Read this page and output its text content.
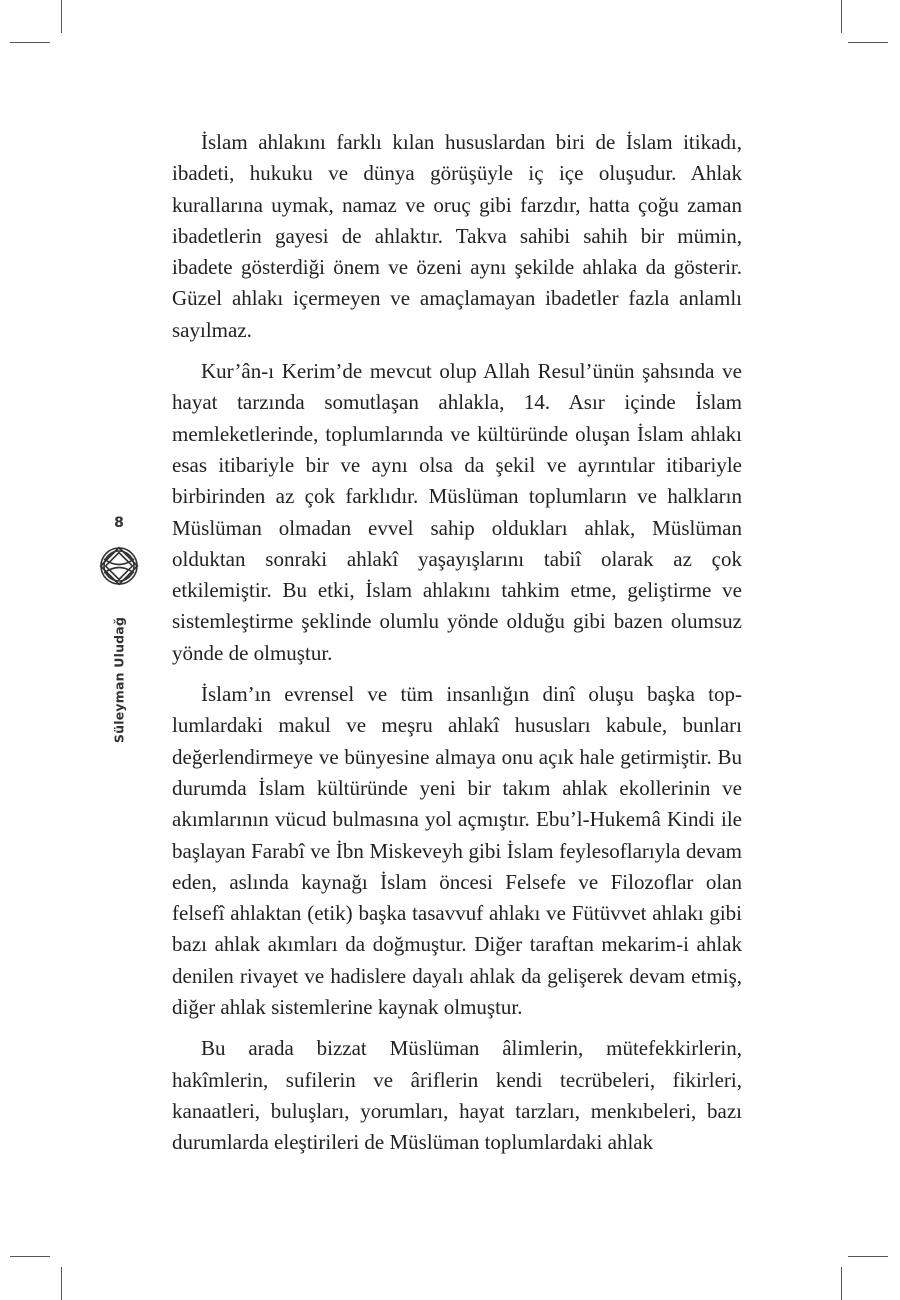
8
Süleyman Uludağ

İslam ahlakını farklı kılan hususlardan biri de İslam itikadı, ibadeti, hukuku ve dünya görüşüyle iç içe oluşudur. Ahlak kurallarına uymak, namaz ve oruç gibi farzdır, hatta çoğu zaman ibadetlerin gayesi de ahlaktır. Takva sahibi sahih bir mümin, ibadete gösterdiği önem ve özeni aynı şekilde ahlaka da gösterir. Güzel ahlakı içermeyen ve amaçlamayan ibadetler fazla anlamlı sayılmaz.

Kur’ân-ı Kerim’de mevcut olup Allah Resul’ünün şahsında ve hayat tarzında somutlaşan ahlakla, 14. Asır içinde İslam memleketlerinde, toplumlarında ve kültüründe oluşan İslam ahlakı esas itibariyle bir ve aynı olsa da şekil ve ayrıntılar itibariyle birbirinden az çok farklıdır. Müslüman toplumların ve halkların Müslüman olmadan evvel sahip oldukları ahlak, Müslüman olduktan sonraki ahlakî yaşayışlarını tabiî olarak az çok etkilemiştir. Bu etki, İslam ahlakını tahkim etme, geliştirme ve sistemleştirme şeklinde olumlu yönde olduğu gibi bazen olumsuz yönde de olmuştur.

İslam’ın evrensel ve tüm insanlığın dinî oluşu başka toplumlardaki makul ve meşru ahlakî hususları kabule, bunları değerlendirmeye ve bünyesine almaya onu açık hale getirmiştir. Bu durumda İslam kültüründe yeni bir takım ahlak ekollerinin ve akımlarının vücud bulmasına yol açmıştır. Ebu’l-Hukemâ Kindi ile başlayan Farabî ve İbn Miskeveyh gibi İslam feylesoflarıyla devam eden, aslında kaynağı İslam öncesi Felsefe ve Filozoflar olan felsefî ahlaktan (etik) başka tasavvuf ahlakı ve Fütüvvet ahlakı gibi bazı ahlak akımları da doğmuştur. Diğer taraftan mekarim-i ahlak denilen rivayet ve hadislere dayalı ahlak da gelişerek devam etmiş, diğer ahlak sistemlerine kaynak olmuştur.

Bu arada bizzat Müslüman âlimlerin, mütefekkirlerin, hakîmlerin, sufilerin ve âriflerin kendi tecrübeleri, fikirleri, kanaatleri, buluşları, yorumları, hayat tarzları, menkıbeleri, bazı durumlarda eleştirileri de Müslüman toplumlardaki ahlak
